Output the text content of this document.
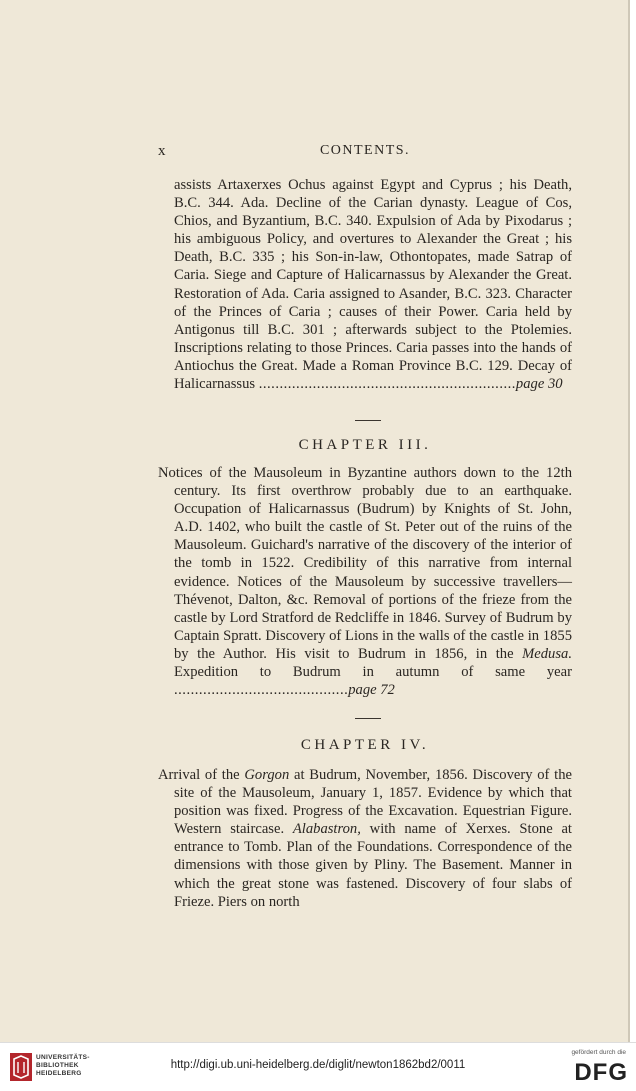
x	CONTENTS.

assists Artaxerxes Ochus against Egypt and Cyprus ; his Death, B.C. 344. Ada. Decline of the Carian dynasty. League of Cos, Chios, and Byzantium, B.C. 340. Expulsion of Ada by Pixodarus ; his ambiguous Policy, and overtures to Alexander the Great ; his Death, B.C. 335 ; his Son-in-law, Othontopates, made Satrap of Caria. Siege and Capture of Halicarnassus by Alexander the Great. Restoration of Ada. Caria assigned to Asander, B.C. 323. Character of the Princes of Caria ; causes of their Power. Caria held by Antigonus till B.C. 301 ; afterwards subject to the Ptolemies. Inscriptions relating to those Princes. Caria passes into the hands of Antiochus the Great. Made a Roman Province B.C. 129. Decay of Halicarnassus ..............................................................page 30

CHAPTER III.

Notices of the Mausoleum in Byzantine authors down to the 12th century. Its first overthrow probably due to an earthquake. Occupation of Halicarnassus (Budrum) by Knights of St. John, A.D. 1402, who built the castle of St. Peter out of the ruins of the Mausoleum. Guichard's narrative of the discovery of the interior of the tomb in 1522. Credibility of this narrative from internal evidence. Notices of the Mausoleum by successive travellers—Thévenot, Dalton, &c. Removal of portions of the frieze from the castle by Lord Stratford de Redcliffe in 1846. Survey of Budrum by Captain Spratt. Discovery of Lions in the walls of the castle in 1855 by the Author. His visit to Budrum in 1856, in the Medusa. Expedition to Budrum in autumn of same year ..........................................page 72

CHAPTER IV.

Arrival of the Gorgon at Budrum, November, 1856. Discovery of the site of the Mausoleum, January 1, 1857. Evidence by which that position was fixed. Progress of the Excavation. Equestrian Figure. Western staircase. Alabastron, with name of Xerxes. Stone at entrance to Tomb. Plan of the Foundations. Correspondence of the dimensions with those given by Pliny. The Basement. Manner in which the great stone was fastened. Discovery of four slabs of Frieze. Piers on north

UNIVERSITÄTS-
BIBLIOTHEK
HEIDELBERG
http://digi.ub.uni-heidelberg.de/diglit/newton1862bd2/0011
gefördert durch die
DFG
